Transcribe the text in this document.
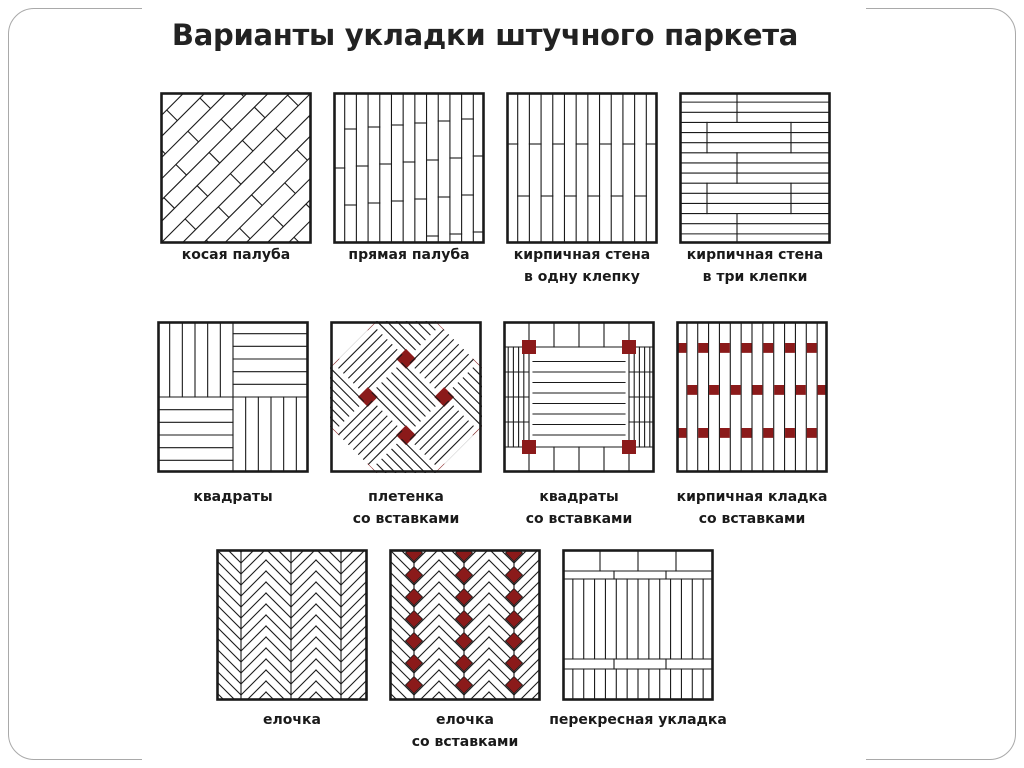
Варианты укладки штучного паркета
косая палуба	прямая палуба	кирпичная стена
в одну клепку
кирпичная стена
в три клепки
квадраты	плетенка
со вставками
квадраты
со вставками
кирпичная кладка
со вставками
елочка	елочка
со вставками
перекресная укладка
